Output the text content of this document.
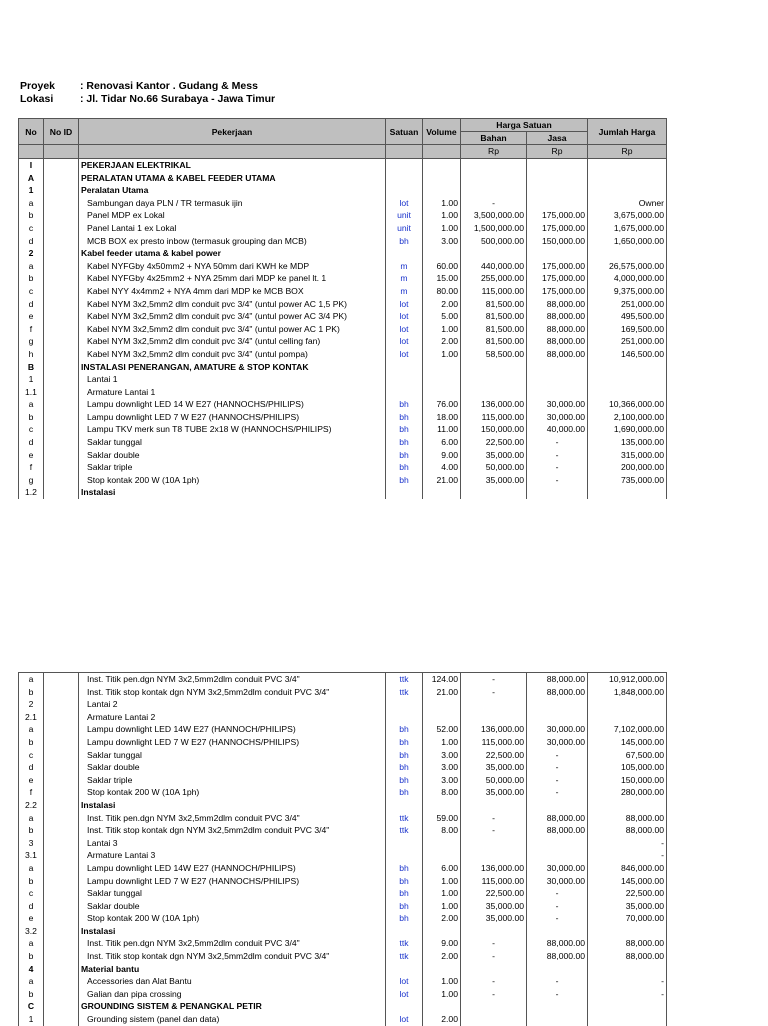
Proyek : Renovasi Kantor . Gudang & Mess
Lokasi	: Jl. Tidar No.66 Surabaya - Jawa Timur
No	No ID	Pekerjaan	Satuan	Volume	Harga Satuan		Jumlah Harga
					Bahan	Jasa	
					Rp	Rp	Rp
I		PEKERJAAN ELEKTRIKAL					
A		PERALATAN UTAMA & KABEL FEEDER UTAMA					
1		Peralatan Utama					
a		Sambungan daya PLN / TR termasuk ijin	lot	1.00	-		Owner
b		Panel MDP ex Lokal	unit	1.00	3,500,000.00	175,000.00	3,675,000.00
c		Panel Lantai 1 ex Lokal	unit	1.00	1,500,000.00	175,000.00	1,675,000.00
d		MCB BOX ex presto inbow (termasuk grouping dan MCB)	bh	3.00	500,000.00	150,000.00	1,650,000.00
2		Kabel feeder utama & kabel power					
a		Kabel NYFGby 4x50mm2 + NYA 50mm dari KWH ke MDP	m	60.00	440,000.00	175,000.00	26,575,000.00
b		Kabel NYFGby 4x25mm2 + NYA 25mm dari MDP ke panel lt. 1	m	15.00	255,000.00	175,000.00	4,000,000.00
c		Kabel NYY 4x4mm2 + NYA 4mm dari MDP ke MCB BOX	m	80.00	115,000.00	175,000.00	9,375,000.00
d		Kabel NYM 3x2,5mm2 dlm conduit pvc 3/4" (untul power AC 1,5 PK)	lot	2.00	81,500.00	88,000.00	251,000.00
e		Kabel NYM 3x2,5mm2 dlm conduit pvc 3/4" (untul power AC 3/4 PK)	lot	5.00	81,500.00	88,000.00	495,500.00
f		Kabel NYM 3x2,5mm2 dlm conduit pvc 3/4" (untul power AC 1 PK)	lot	1.00	81,500.00	88,000.00	169,500.00
g		Kabel NYM 3x2,5mm2 dlm conduit pvc 3/4" (untul celling fan)	lot	2.00	81,500.00	88,000.00	251,000.00
h		Kabel NYM 3x2,5mm2 dlm conduit pvc 3/4" (untul pompa)	lot	1.00	58,500.00	88,000.00	146,500.00
B		INSTALASI PENERANGAN, AMATURE & STOP KONTAK					
1		Lantai 1					
1.1		Armature Lantai 1					
a		Lampu downlight LED 14 W E27 (HANNOCHS/PHILIPS)	bh	76.00	136,000.00	30,000.00	10,366,000.00
b		Lampu downlight LED 7 W E27 (HANNOCHS/PHILIPS)	bh	18.00	115,000.00	30,000.00	2,100,000.00
c		Lampu TKV merk sun T8 TUBE 2x18 W (HANNOCHS/PHILIPS)	bh	11.00	150,000.00	40,000.00	1,690,000.00
d		Saklar tunggal	bh	6.00	22,500.00	-	135,000.00
e		Saklar double	bh	9.00	35,000.00	-	315,000.00
f		Saklar triple	bh	4.00	50,000.00	-	200,000.00
g		Stop kontak 200 W (10A 1ph)	bh	21.00	35,000.00	-	735,000.00
1.2		Instalasi					
a		Inst. Titik pen.dgn NYM 3x2,5mm2dlm conduit PVC 3/4"	ttk	124.00	-	88,000.00	10,912,000.00
b		Inst. Titik stop kontak dgn NYM 3x2,5mm2dlm conduit PVC 3/4"	ttk	21.00	-	88,000.00	1,848,000.00
2		Lantai 2					
2.1		Armature Lantai 2					
a		Lampu downlight LED 14W E27 (HANNOCH/PHILIPS)	bh	52.00	136,000.00	30,000.00	7,102,000.00
b		Lampu downlight LED 7 W E27 (HANNOCHS/PHILIPS)	bh	1.00	115,000.00	30,000.00	145,000.00
c		Saklar tunggal	bh	3.00	22,500.00	-	67,500.00
d		Saklar double	bh	3.00	35,000.00	-	105,000.00
e		Saklar triple	bh	3.00	50,000.00	-	150,000.00
f		Stop kontak 200 W (10A 1ph)	bh	8.00	35,000.00	-	280,000.00
2.2		Instalasi					
a		Inst. Titik pen.dgn NYM 3x2,5mm2dlm conduit PVC 3/4"	ttk	59.00	-	88,000.00	88,000.00
b		Inst. Titik stop kontak dgn NYM 3x2,5mm2dlm conduit PVC 3/4"	ttk	8.00	-	88,000.00	88,000.00
3		Lantai 3					-
3.1		Armature Lantai 3					-
a		Lampu downlight LED 14W E27 (HANNOCH/PHILIPS)	bh	6.00	136,000.00	30,000.00	846,000.00
b		Lampu downlight LED 7 W E27 (HANNOCHS/PHILIPS)	bh	1.00	115,000.00	30,000.00	145,000.00
c		Saklar tunggal	bh	1.00	22,500.00	-	22,500.00
d		Saklar double	bh	1.00	35,000.00	-	35,000.00
e		Stop kontak 200 W (10A 1ph)	bh	2.00	35,000.00	-	70,000.00
3.2		Instalasi					
a		Inst. Titik pen.dgn NYM 3x2,5mm2dlm conduit PVC 3/4"	ttk	9.00	-	88,000.00	88,000.00
b		Inst. Titik stop kontak dgn NYM 3x2,5mm2dlm conduit PVC 3/4"	ttk	2.00	-	88,000.00	88,000.00
4		Material bantu					
a		Accessories dan Alat Bantu	lot	1.00	-	-	-
b		Galian dan pipa crossing	lot	1.00	-	-	-
C		GROUNDING SISTEM & PENANGKAL PETIR					
1		Grounding sistem (panel dan data)	lot	2.00			
